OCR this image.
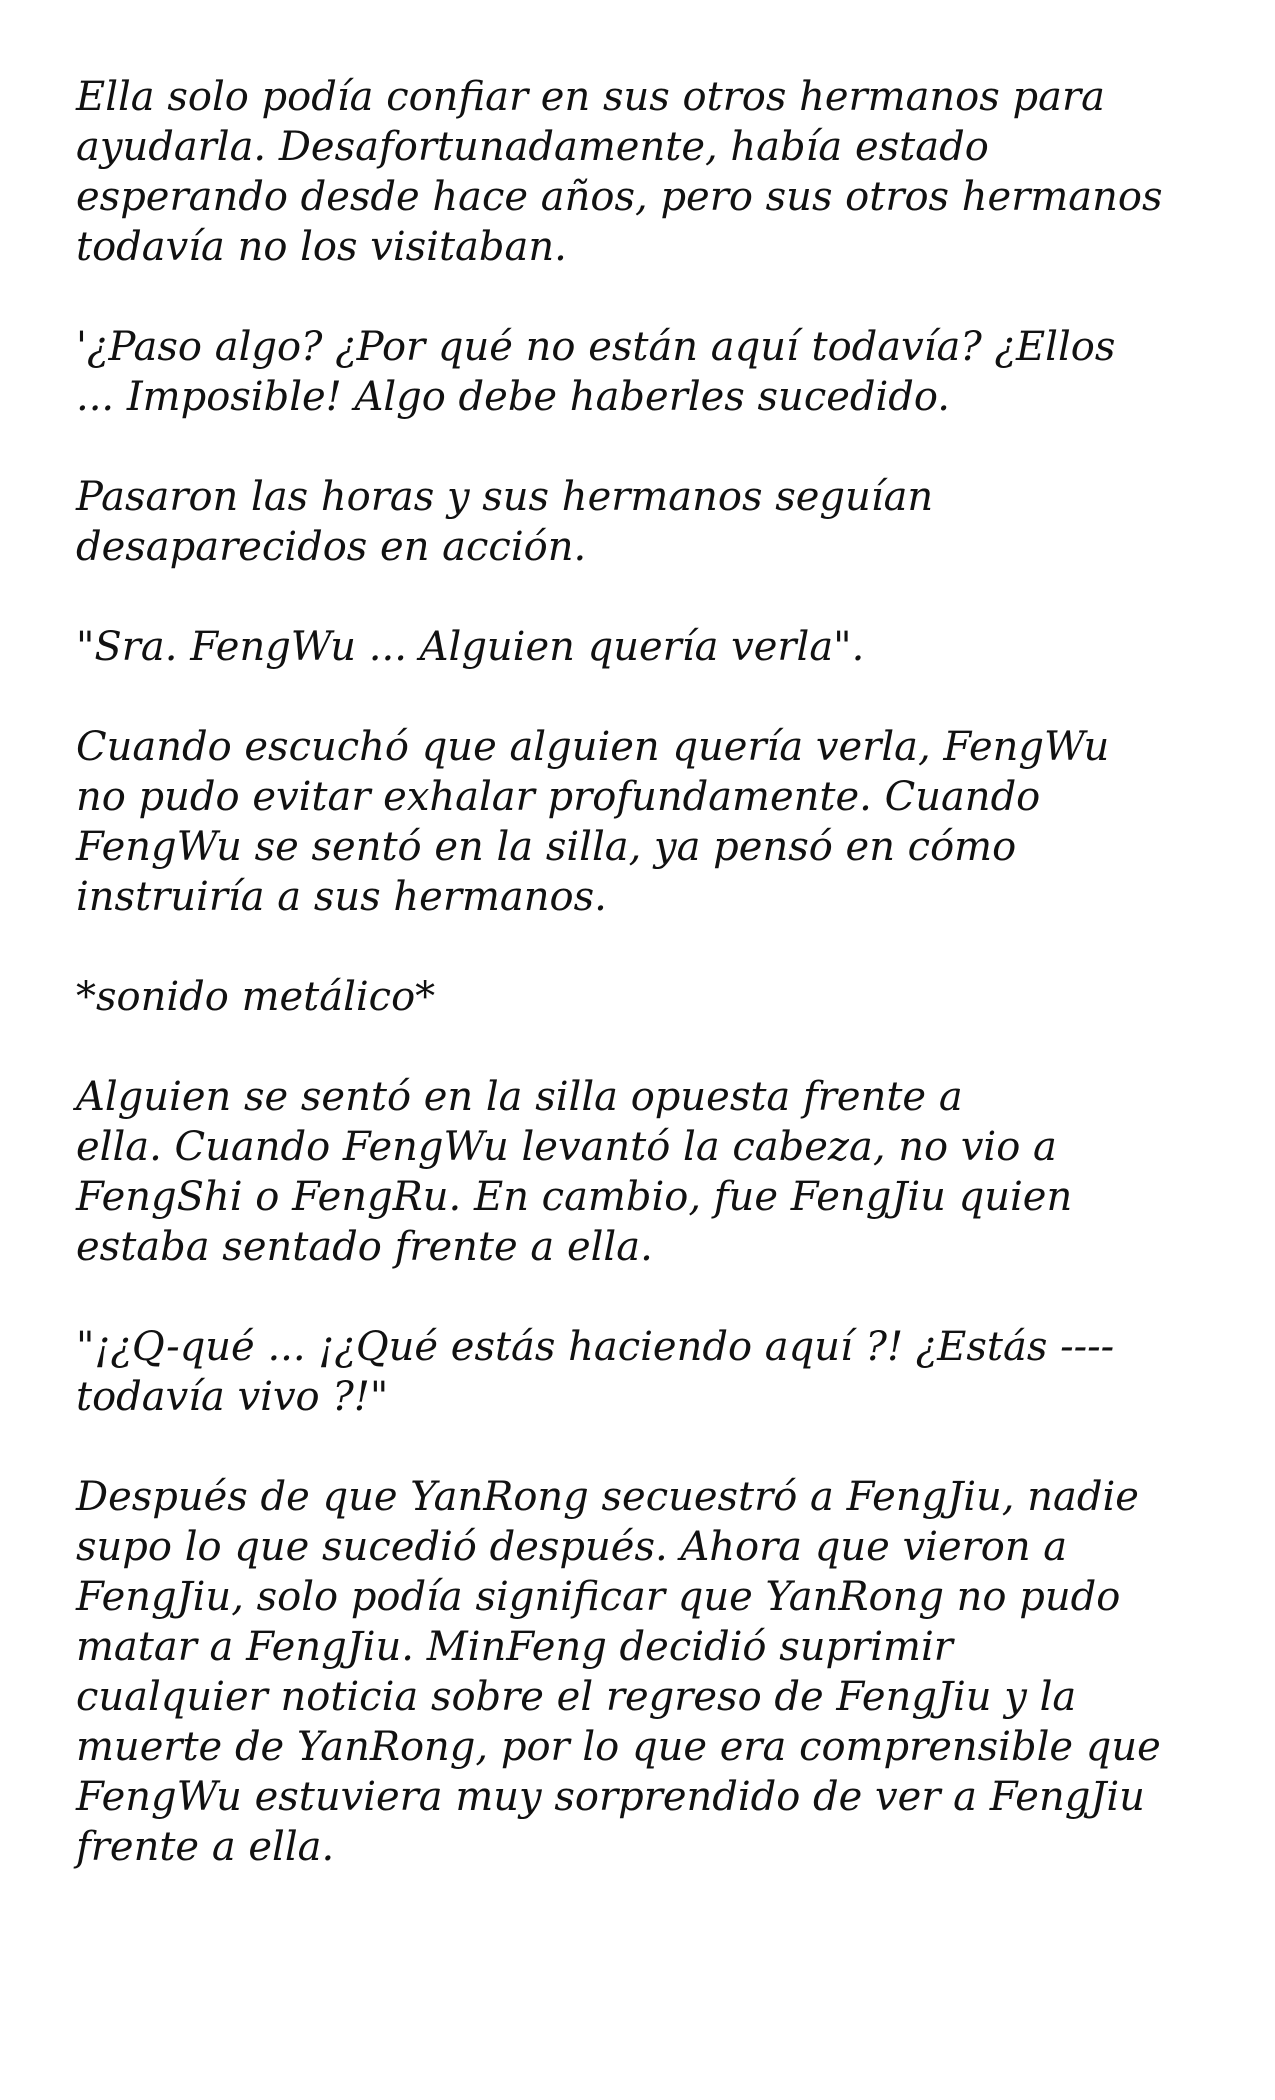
Ella solo podía confiar en sus otros hermanos para
ayudarla. Desafortunadamente, había estado
esperando desde hace años, pero sus otros hermanos
todavía no los visitaban.

'¿Paso algo? ¿Por qué no están aquí todavía? ¿Ellos
... Imposible! Algo debe haberles sucedido.

Pasaron las horas y sus hermanos seguían
desaparecidos en acción.

"Sra. FengWu ... Alguien quería verla".

Cuando escuchó que alguien quería verla, FengWu
no pudo evitar exhalar profundamente. Cuando
FengWu se sentó en la silla, ya pensó en cómo
instruiría a sus hermanos.

*sonido metálico*

Alguien se sentó en la silla opuesta frente a
ella. Cuando FengWu levantó la cabeza, no vio a
FengShi o FengRu. En cambio, fue FengJiu quien
estaba sentado frente a ella.

"¡¿Q-qué ... ¡¿Qué estás haciendo aquí ?! ¿Estás ----
todavía vivo ?!"

Después de que YanRong secuestró a FengJiu, nadie
supo lo que sucedió después. Ahora que vieron a
FengJiu, solo podía significar que YanRong no pudo
matar a FengJiu. MinFeng decidió suprimir
cualquier noticia sobre el regreso de FengJiu y la
muerte de YanRong, por lo que era comprensible que
FengWu estuviera muy sorprendido de ver a FengJiu
frente a ella.
